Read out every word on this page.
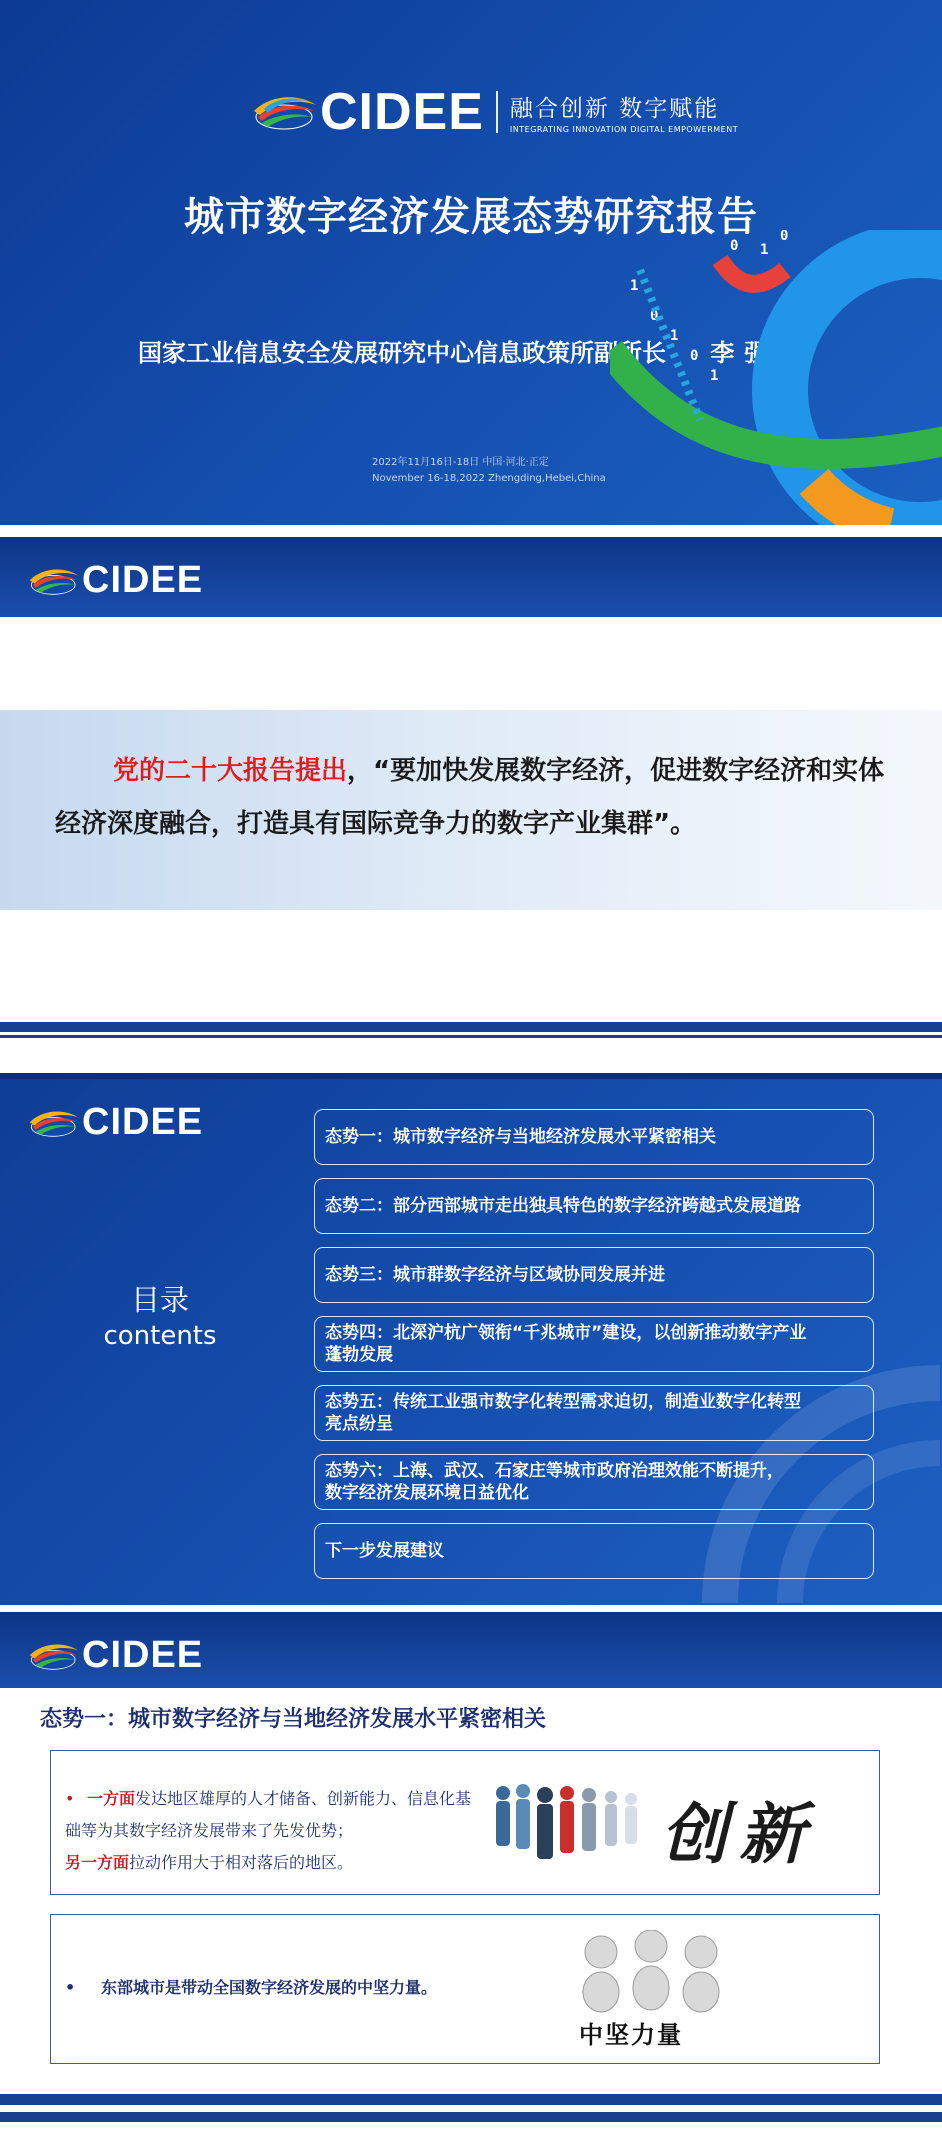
CIDEE 融合创新 数字赋能
INTEGRATING INNOVATION DIGITAL EMPOWERMENT
城市数字经济发展态势研究报告
国家工业信息安全发展研究中心信息政策所副所长 李强
2022年11月16日-18日 中国·河北·正定
November 16-18,2022 Zhengding,Hebei,China
1
0
1
0
1
0 1
0
CIDEE
党的二十大报告提出，“要加快发展数字经济，促进数字经济和实体经济深度融合，打造具有国际竞争力的数字产业集群”。
CIDEE
目录
contents
态势一：城市数字经济与当地经济发展水平紧密相关
态势二：部分西部城市走出独具特色的数字经济跨越式发展道路
态势三：城市群数字经济与区域协同发展并进
态势四：北深沪杭广领衔“千兆城市”建设，以创新推动数字产业
蓬勃发展
态势五：传统工业强市数字化转型需求迫切，制造业数字化转型
亮点纷呈
态势六：上海、武汉、石家庄等城市政府治理效能不断提升，
数字经济发展环境日益优化
下一步发展建议
CIDEE
态势一：城市数字经济与当地经济发展水平紧密相关
• 一方面发达地区雄厚的人才储备、创新能力、信息化基础等为其数字经济发展带来了先发优势；
另一方面拉动作用大于相对落后的地区。	创新
• 东部城市是带动全国数字经济发展的中坚力量。
中坚力量
